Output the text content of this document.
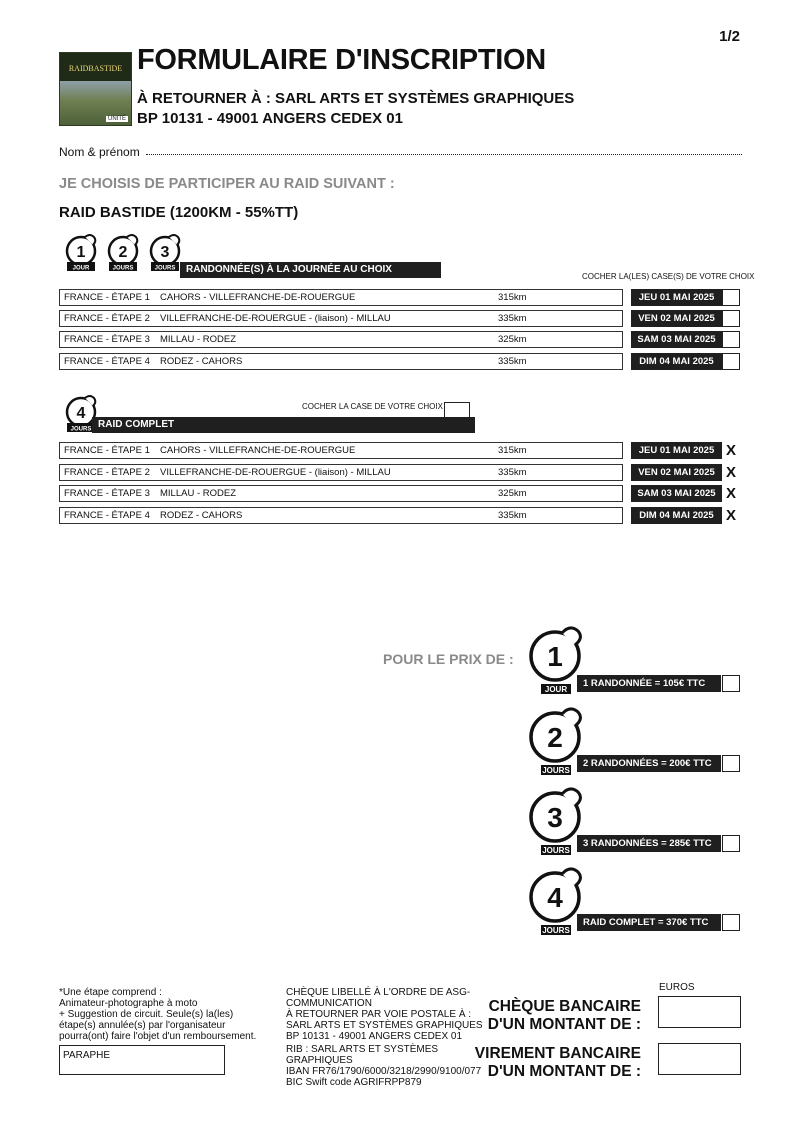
1/2
RAIDBASTIDE
UNITÉ
FORMULAIRE D'INSCRIPTION
À RETOURNER À : SARL ARTS ET SYSTÈMES GRAPHIQUES
BP 10131 - 49001 ANGERS CEDEX 01
Nom & prénom
JE CHOISIS DE PARTICIPER AU RAID SUIVANT :
RAID BASTIDE (1200KM - 55%TT)
1
JOUR
2
JOURS
3
JOURS	RANDONNÉE(S) À LA JOURNÉE AU CHOIX
COCHER LA(LES) CASE(S) DE VOTRE CHOIX
FRANCE - ÉTAPE 1 CAHORS - VILLEFRANCHE-DE-ROUERGUE	315km	JEU 01 MAI 2025
FRANCE - ÉTAPE 2 VILLEFRANCHE-DE-ROUERGUE - (liaison) - MILLAU	335km	VEN 02 MAI 2025
FRANCE - ÉTAPE 3 MILLAU - RODEZ	325km	SAM 03 MAI 2025
FRANCE - ÉTAPE 4 RODEZ - CAHORS	335km	DIM 04 MAI 2025
4
JOURS
COCHER LA CASE DE VOTRE CHOIX
RAID COMPLET
FRANCE - ÉTAPE 1 CAHORS - VILLEFRANCHE-DE-ROUERGUE	315km	JEU 01 MAI 2025 X
FRANCE - ÉTAPE 2 VILLEFRANCHE-DE-ROUERGUE - (liaison) - MILLAU	335km	VEN 02 MAI 2025 X
FRANCE - ÉTAPE 3 MILLAU - RODEZ	325km	SAM 03 MAI 2025 X
FRANCE - ÉTAPE 4 RODEZ - CAHORS	335km	DIM 04 MAI 2025 X
POUR LE PRIX DE : 1
JOUR
1 RANDONNÉE = 105€ TTC
2
JOURS
2 RANDONNÉES = 200€ TTC
3
JOURS
3 RANDONNÉES = 285€ TTC
4
JOURS
RAID COMPLET = 370€ TTC
*Une étape comprend :
Animateur-photographe à moto
+ Suggestion de circuit. Seule(s) la(les)
étape(s) annulée(s) par l'organisateur
pourra(ont) faire l'objet d'un remboursement.
PARAPHE
CHÈQUE LIBELLÉ À L'ORDRE DE ASG-COMMUNICATION
À RETOURNER PAR VOIE POSTALE À :
SARL ARTS ET SYSTÈMES GRAPHIQUES
BP 10131 - 49001 ANGERS CEDEX 01
RIB : SARL ARTS ET SYSTÈMES GRAPHIQUES
IBAN FR76/1790/6000/3218/2990/9100/077
BIC Swift code AGRIFRPP879
EUROS
CHÈQUE BANCAIRE
D'UN MONTANT DE :
VIREMENT BANCAIRE
D'UN MONTANT DE :
